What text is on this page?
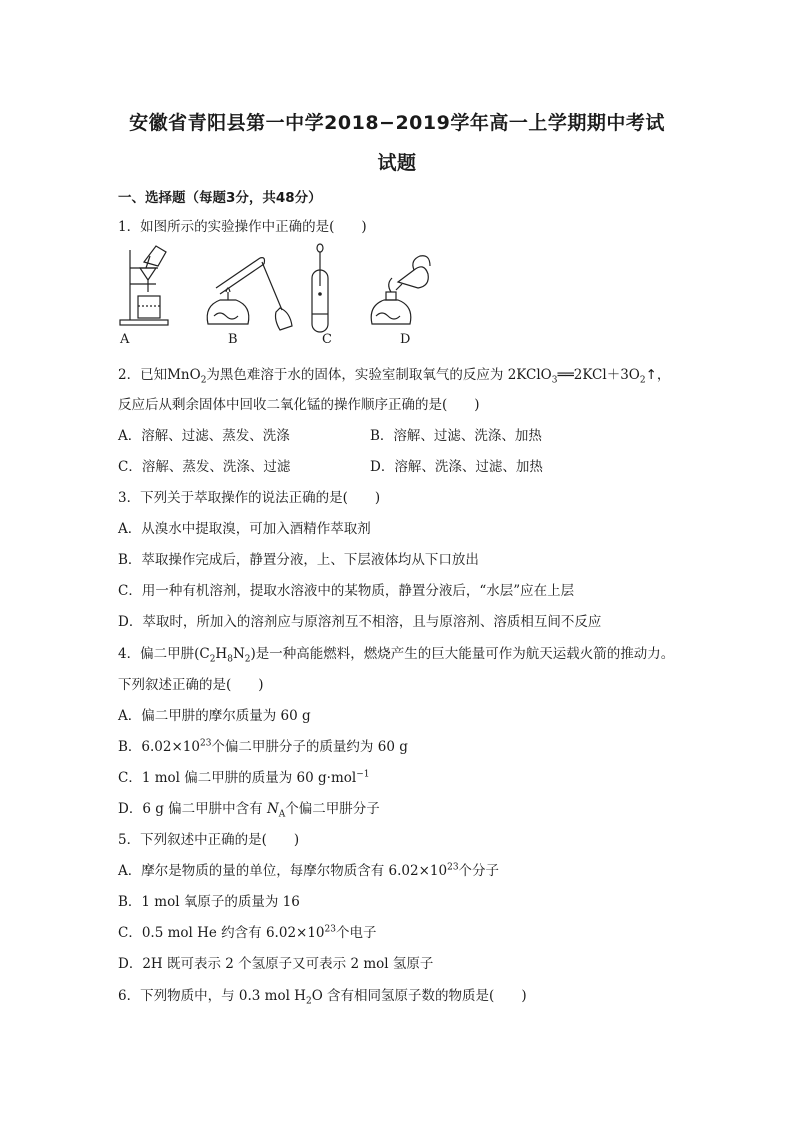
安徽省青阳县第一中学2018−2019学年高一上学期期中考试
试题
一、选择题（每题3分，共48分）
1．如图所示的实验操作中正确的是(　　)
A	B	C	D
2．已知MnO$_2$为黑色难溶于水的固体，实验室制取氧气的反应为 $2KClO_3══2KCl+3O_2↑$，
反应后从剩余固体中回收二氧化锰的操作顺序正确的是(　　)
A．溶解、过滤、蒸发、洗涤	B．溶解、过滤、洗涤、加热
C．溶解、蒸发、洗涤、过滤	D．溶解、洗涤、过滤、加热
3．下列关于萃取操作的说法正确的是(　　)
A．从溴水中提取溴，可加入酒精作萃取剂
B．萃取操作完成后，静置分液，上、下层液体均从下口放出
C．用一种有机溶剂，提取水溶液中的某物质，静置分液后，“水层”应在上层
D．萃取时，所加入的溶剂应与原溶剂互不相溶，且与原溶剂、溶质相互间不反应
4．偏二甲肼$(C_2H_8N_2)$是一种高能燃料，燃烧产生的巨大能量可作为航天运载火箭的推动力。
下列叙述正确的是(　　)
A．偏二甲肼的摩尔质量为 60 g
B．$6.02\times 10^{23}$个偏二甲肼分子的质量约为 60 g
C．1 mol 偏二甲肼的质量为 60 g·mol$^{-1}$
D．6 g 偏二甲肼中含有 $N_A$个偏二甲肼分子
5．下列叙述中正确的是(　　)
A．摩尔是物质的量的单位，每摩尔物质含有 $6.02\times 10^{23}$个分子
B．1 mol 氧原子的质量为 16
C．0.5 mol He 约含有 $6.02\times 10^{23}$个电子
D．2H 既可表示 2 个氢原子又可表示 2 mol 氢原子
6．下列物质中，与 0.3 mol $H_2O$ 含有相同氢原子数的物质是(　　)
